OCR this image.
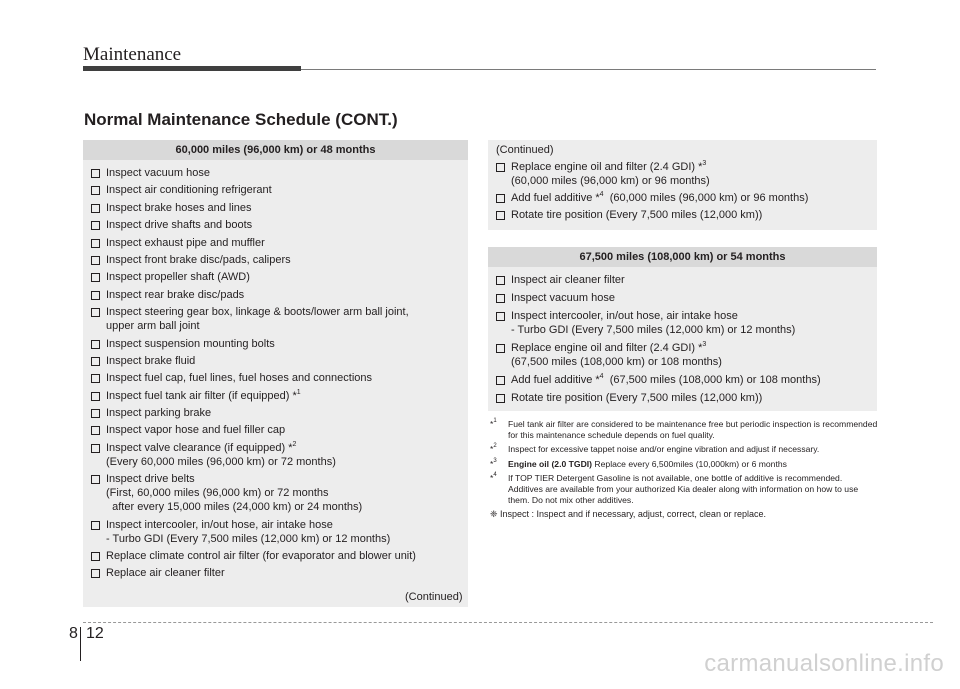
Maintenance
Normal Maintenance Schedule (CONT.)
60,000 miles (96,000 km) or 48 months
Inspect vacuum hose
Inspect air conditioning refrigerant
Inspect brake hoses and lines
Inspect drive shafts and boots
Inspect exhaust pipe and muffler
Inspect front brake disc/pads, calipers
Inspect propeller shaft (AWD)
Inspect rear brake disc/pads
Inspect steering gear box, linkage & boots/lower arm ball joint,
upper arm ball joint
Inspect suspension mounting bolts
Inspect brake fluid
Inspect fuel cap, fuel lines, fuel hoses and connections
Inspect fuel tank air filter (if equipped) *$^1$
Inspect parking brake
Inspect vapor hose and fuel filler cap
Inspect valve clearance (if equipped) *$^2$
(Every 60,000 miles (96,000 km) or 72 months)
Inspect drive belts
(First, 60,000 miles (96,000 km) or 72 months
after every 15,000 miles (24,000 km) or 24 months)
Inspect intercooler, in/out hose, air intake hose
- Turbo GDI (Every 7,500 miles (12,000 km) or 12 months)
Replace climate control air filter (for evaporator and blower unit)
Replace air cleaner filter
(Continued)
(Continued)
Replace engine oil and filter (2.4 GDI) *$^3$
(60,000 miles (96,000 km) or 96 months)
Add fuel additive *$^4$  (60,000 miles (96,000 km) or 96 months)
Rotate tire position (Every 7,500 miles (12,000 km))
67,500 miles (108,000 km) or 54 months
Inspect air cleaner filter
Inspect vacuum hose
Inspect intercooler, in/out hose, air intake hose
- Turbo GDI (Every 7,500 miles (12,000 km) or 12 months)
Replace engine oil and filter (2.4 GDI) *$^3$
(67,500 miles (108,000 km) or 108 months)
Add fuel additive *$^4$  (67,500 miles (108,000 km) or 108 months)
Rotate tire position (Every 7,500 miles (12,000 km))
*$^1$	Fuel tank air filter are considered to be maintenance free but periodic inspection is recommended for this maintenance schedule depends on fuel quality.
*$^2$	Inspect for excessive tappet noise and/or engine vibration and adjust if necessary.
*$^3$	Engine oil (2.0 TGDI) Replace every 6,500miles (10,000km) or 6 months
*$^4$	If TOP TIER Detergent Gasoline is not available, one bottle of additive is recommended. Additives are available from your authorized Kia dealer along with information on how to use them. Do not mix other additives.
❈ Inspect : Inspect and if necessary, adjust, correct, clean or replace.
8 12
carmanualsonline.info
